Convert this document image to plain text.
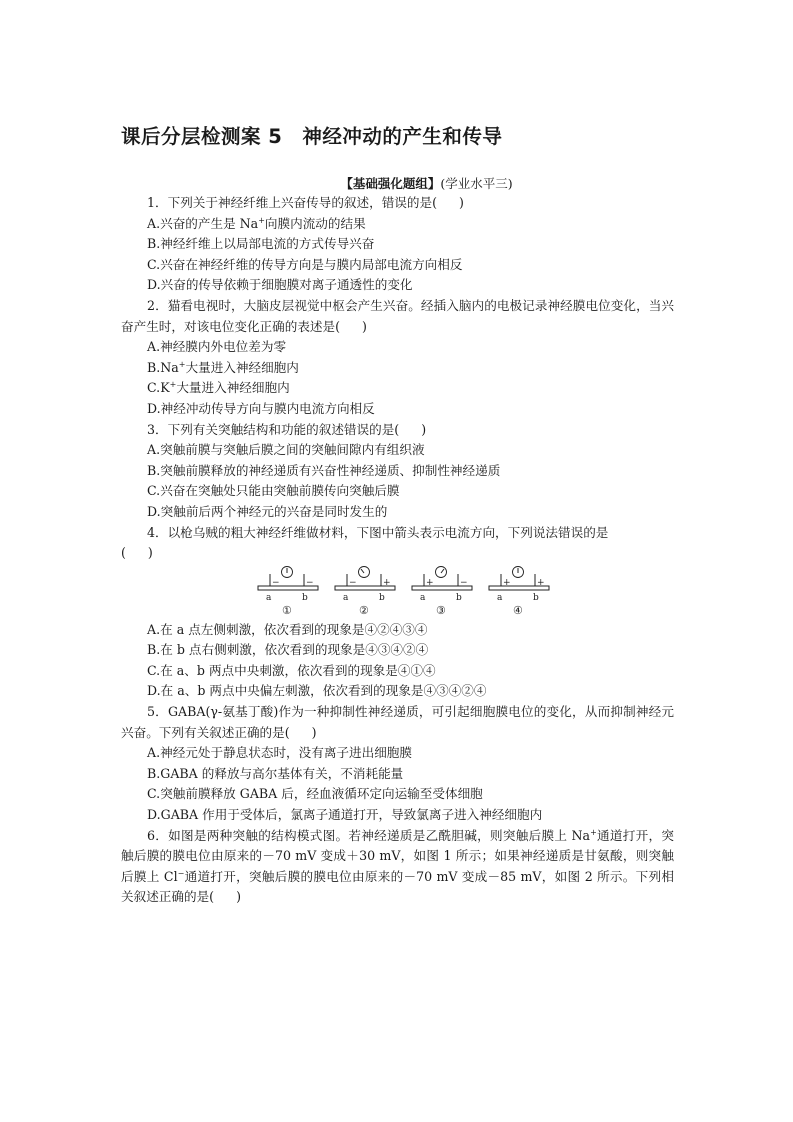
课后分层检测案 5　神经冲动的产生和传导
【基础强化题组】(学业水平三)
1．下列关于神经纤维上兴奋传导的叙述，错误的是( )
A.兴奋的产生是 Na+向膜内流动的结果
B.神经纤维上以局部电流的方式传导兴奋
C.兴奋在神经纤维的传导方向是与膜内局部电流方向相反
D.兴奋的传导依赖于细胞膜对离子通透性的变化
2．猫看电视时，大脑皮层视觉中枢会产生兴奋。经插入脑内的电极记录神经膜电位变化，当兴奋产生时，对该电位变化正确的表述是( )
A.神经膜内外电位差为零
B.Na+大量进入神经细胞内
C.K+大量进入神经细胞内
D.神经冲动传导方向与膜内电流方向相反
3．下列有关突触结构和功能的叙述错误的是( )
A.突触前膜与突触后膜之间的突触间隙内有组织液
B.突触前膜释放的神经递质有兴奋性神经递质、抑制性神经递质
C.兴奋在突触处只能由突触前膜传向突触后膜
D.突触前后两个神经元的兴奋是同时发生的
4．以枪乌贼的粗大神经纤维做材料，下图中箭头表示电流方向，下列说法错误的是
( )
−	−
a	b
①
−	+
a	b
②
+	−
a	b
③
+	+
a	b
④
A.在 a 点左侧刺激，依次看到的现象是④②④③④
B.在 b 点右侧刺激，依次看到的现象是④③④②④
C.在 a、b 两点中央刺激，依次看到的现象是④①④
D.在 a、b 两点中央偏左刺激，依次看到的现象是④③④②④
5．GABA(γ-氨基丁酸)作为一种抑制性神经递质，可引起细胞膜电位的变化，从而抑制神经元兴奋。下列有关叙述正确的是( )
A.神经元处于静息状态时，没有离子进出细胞膜
B.GABA 的释放与高尔基体有关，不消耗能量
C.突触前膜释放 GABA 后，经血液循环定向运输至受体细胞
D.GABA 作用于受体后，氯离子通道打开，导致氯离子进入神经细胞内
6．如图是两种突触的结构模式图。若神经递质是乙酰胆碱，则突触后膜上 Na+通道打开，突触后膜的膜电位由原来的－70 mV 变成＋30 mV，如图 1 所示；如果神经递质是甘氨酸，则突触后膜上 Cl−通道打开，突触后膜的膜电位由原来的－70 mV 变成－85 mV，如图 2 所示。下列相关叙述正确的是( )
